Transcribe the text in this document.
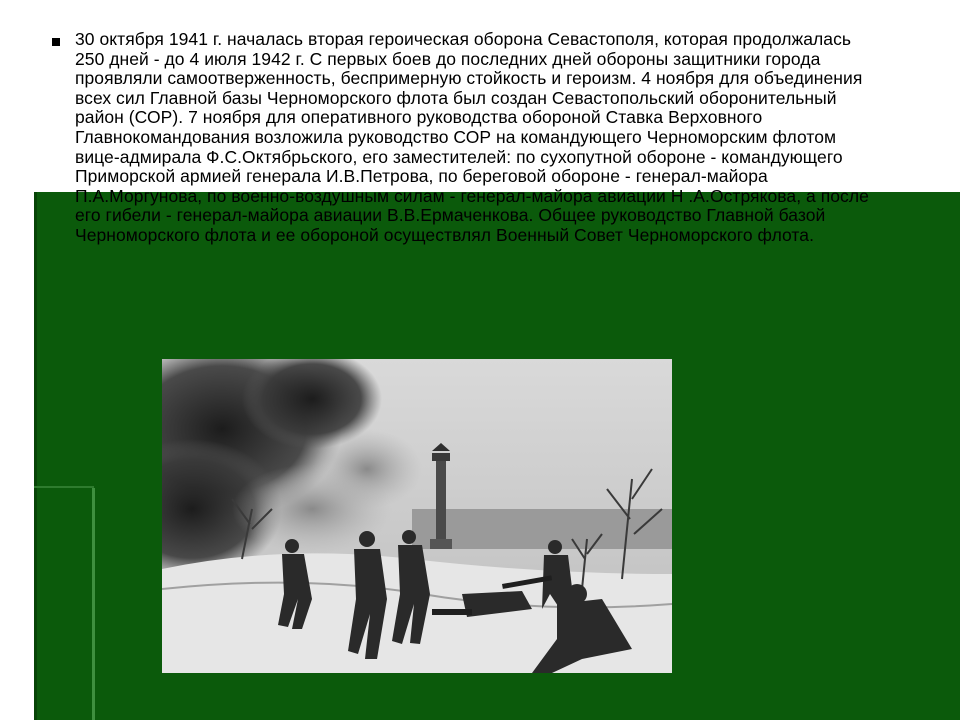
30 октября 1941 г. началась вторая героическая оборона Севастополя, которая продолжалась 250 дней - до 4 июля 1942 г. С первых боев до последних дней обороны защитники города проявляли самоотверженность, беспримерную стойкость и героизм. 4 ноября для объединения всех сил Главной базы Черноморского флота был создан Севастопольский оборонительный район (СОР). 7 ноября для оперативного руководства обороной Ставка Верховного Главнокомандования возложила руководство СОР на командующего Черноморским флотом вице-адмирала Ф.С.Октябрьского, его заместителей: по сухопутной обороне - командующего Приморской армией генерала И.В.Петрова, по береговой обороне - генерал-майора П.А.Моргунова, по военно-воздушным силам - генерал-майора авиации Н .А.Острякова, а после его гибели - генерал-майора авиации В.В.Ермаченкова. Общее руководство Главной базой Черноморского флота и ее обороной осуществлял Военный Совет Черноморского флота.
